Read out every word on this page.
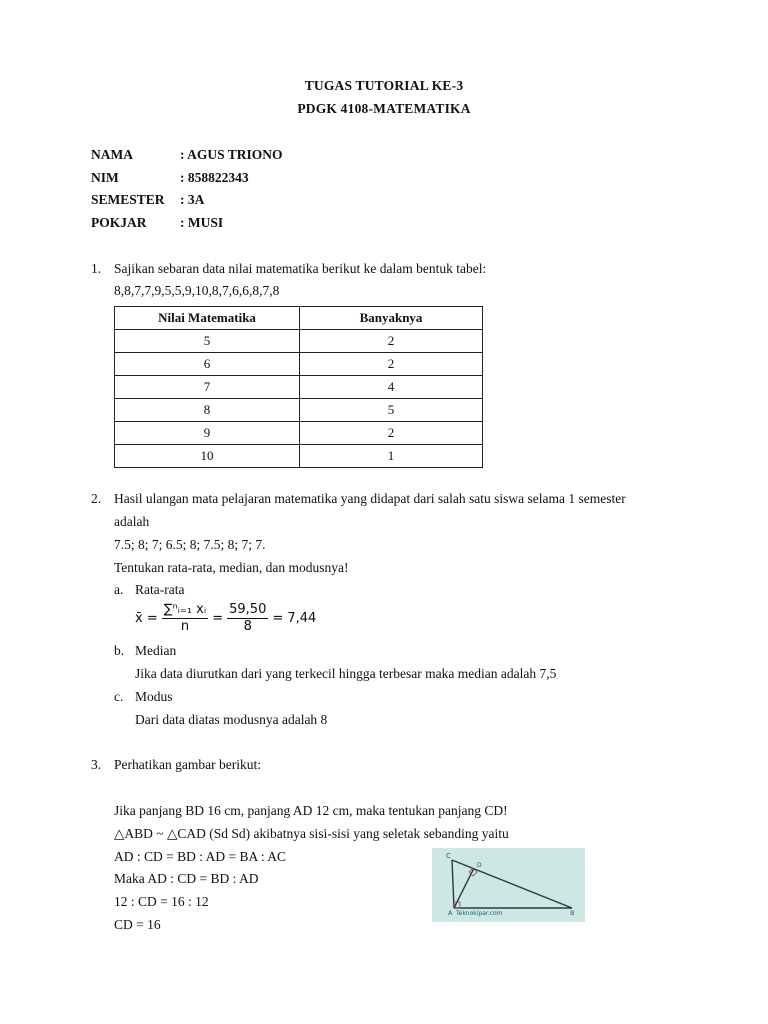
TUGAS TUTORIAL KE-3
PDGK 4108-MATEMATIKA
NAMA	: AGUS TRIONO
NIM	: 858822343
SEMESTER : 3A
POKJAR : MUSI
1. Sajikan sebaran data nilai matematika berikut ke dalam bentuk tabel:
8,8,7,7,9,5,5,9,10,8,7,6,6,8,7,8
Nilai Matematika	Banyaknya
5	2
6	2
7	4
8	5
9	2
10	1
2. Hasil ulangan mata pelajaran matematika yang didapat dari salah satu siswa selama 1 semester
adalah
7.5; 8; 7; 6.5; 8; 7.5; 8; 7; 7.
Tentukan rata-rata, median, dan modusnya!
a. Rata-rata
x̄ = $\frac{\text{∑ⁿᵢ₌₁ xᵢ}}{n} = \frac{59,50}{8} = 7,44$
b. Median
Jika data diurutkan dari yang terkecil hingga terbesar maka median adalah 7,5
c. Modus
Dari data diatas modusnya adalah 8
3. Perhatikan gambar berikut:
Jika panjang BD 16 cm, panjang AD 12 cm, maka tentukan panjang CD!
△ABD ~ △CAD (Sd Sd) akibatnya sisi-sisi yang seletak sebanding yaitu
AD : CD = BD : AD = BA : AC
Maka AD : CD = BD : AD
12 : CD = 16 : 12
CD = 16
C
D
A Teknokipar.com	B
